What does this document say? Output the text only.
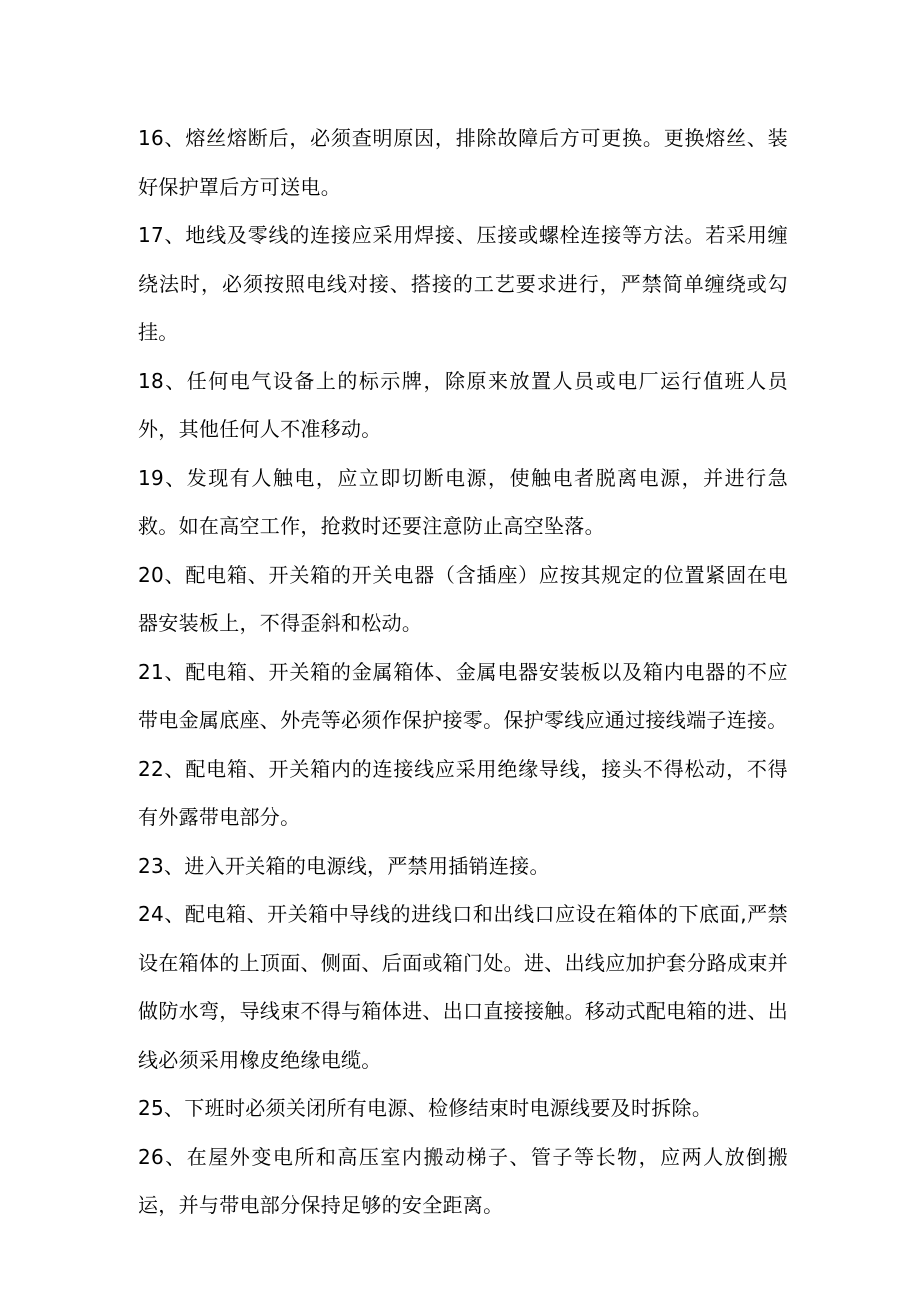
16、熔丝熔断后，必须查明原因，排除故障后方可更换。更换熔丝、装好保护罩后方可送电。

17、地线及零线的连接应采用焊接、压接或螺栓连接等方法。若采用缠绕法时，必须按照电线对接、搭接的工艺要求进行，严禁简单缠绕或勾挂。

18、任何电气设备上的标示牌，除原来放置人员或电厂运行值班人员外，其他任何人不准移动。

19、发现有人触电，应立即切断电源，使触电者脱离电源，并进行急救。如在高空工作，抢救时还要注意防止高空坠落。

20、配电箱、开关箱的开关电器（含插座）应按其规定的位置紧固在电器安装板上，不得歪斜和松动。

21、配电箱、开关箱的金属箱体、金属电器安装板以及箱内电器的不应带电金属底座、外壳等必须作保护接零。保护零线应通过接线端子连接。

22、配电箱、开关箱内的连接线应采用绝缘导线，接头不得松动，不得有外露带电部分。

23、进入开关箱的电源线，严禁用插销连接。

24、配电箱、开关箱中导线的进线口和出线口应设在箱体的下底面,严禁设在箱体的上顶面、侧面、后面或箱门处。进、出线应加护套分路成束并做防水弯，导线束不得与箱体进、出口直接接触。移动式配电箱的进、出线必须采用橡皮绝缘电缆。

25、下班时必须关闭所有电源、检修结束时电源线要及时拆除。

26、在屋外变电所和高压室内搬动梯子、管子等长物，应两人放倒搬运，并与带电部分保持足够的安全距离。
